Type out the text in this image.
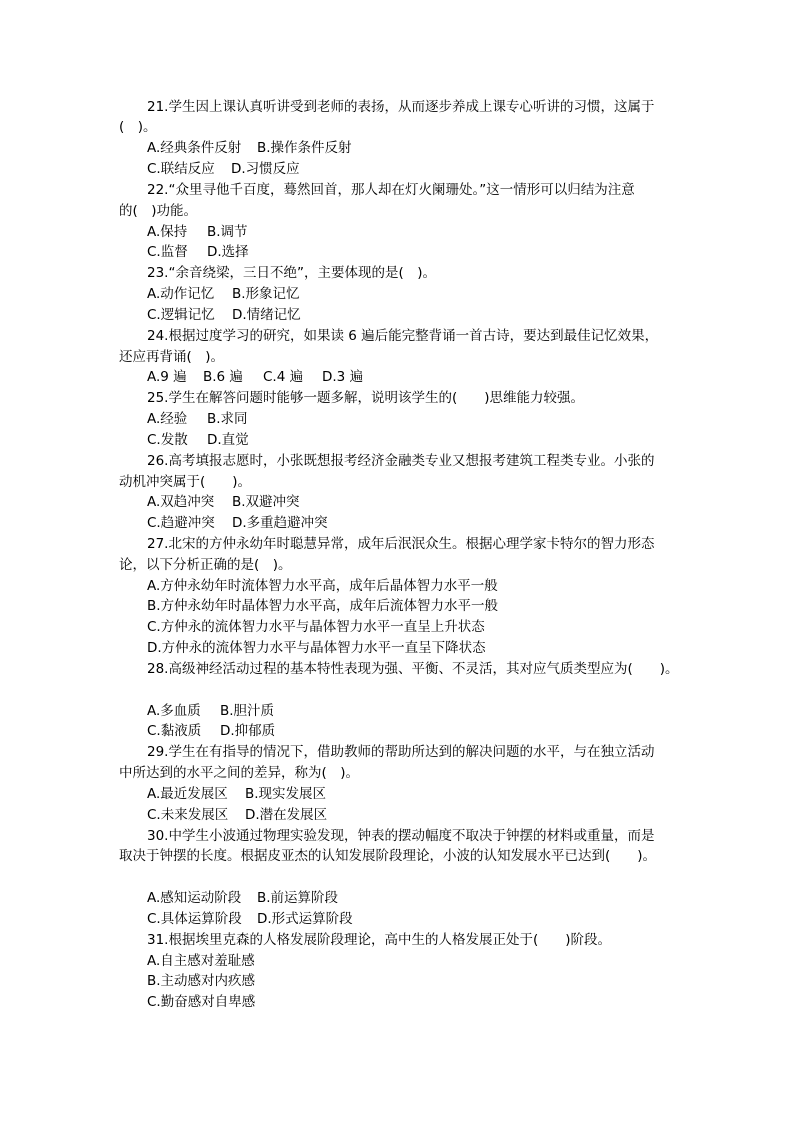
21.学生因上课认真听讲受到老师的表扬，从而逐步养成上课专心听讲的习惯，这属于
(　)。
A.经典条件反射 B.操作条件反射
C.联结反应 D.习惯反应
22.“众里寻他千百度，蓦然回首，那人却在灯火阑珊处。”这一情形可以归结为注意
的(　)功能。
A.保持 B.调节
C.监督 D.选择
23.“余音绕梁，三日不绝”，主要体现的是(　)。
A.动作记忆 B.形象记忆
C.逻辑记忆 D.情绪记忆
24.根据过度学习的研究，如果读 6 遍后能完整背诵一首古诗，要达到最佳记忆效果，
还应再背诵(　)。
A.9 遍 B.6 遍 C.4 遍 D.3 遍
25.学生在解答问题时能够一题多解，说明该学生的(　　)思维能力较强。
A.经验 B.求同
C.发散 D.直觉
26.高考填报志愿时，小张既想报考经济金融类专业又想报考建筑工程类专业。小张的
动机冲突属于(　　)。
A.双趋冲突 B.双避冲突
C.趋避冲突 D.多重趋避冲突
27.北宋的方仲永幼年时聪慧异常，成年后泯泯众生。根据心理学家卡特尔的智力形态
论，以下分析正确的是(　)。
A.方仲永幼年时流体智力水平高，成年后晶体智力水平一般
B.方仲永幼年时晶体智力水平高，成年后流体智力水平一般
C.方仲永的流体智力水平与晶体智力水平一直呈上升状态
D.方仲永的流体智力水平与晶体智力水平一直呈下降状态
28.高级神经活动过程的基本特性表现为强、平衡、不灵活，其对应气质类型应为(　　)。
A.多血质 B.胆汁质
C.黏液质 D.抑郁质
29.学生在有指导的情况下，借助教师的帮助所达到的解决问题的水平，与在独立活动
中所达到的水平之间的差异，称为(　)。
A.最近发展区 B.现实发展区
C.未来发展区 D.潜在发展区
30.中学生小波通过物理实验发现，钟表的摆动幅度不取决于钟摆的材料或重量，而是
取决于钟摆的长度。根据皮亚杰的认知发展阶段理论，小波的认知发展水平已达到(　　)。
A.感知运动阶段 B.前运算阶段
C.具体运算阶段 D.形式运算阶段
31.根据埃里克森的人格发展阶段理论，高中生的人格发展正处于(　　)阶段。
A.自主感对羞耻感
B.主动感对内疚感
C.勤奋感对自卑感
